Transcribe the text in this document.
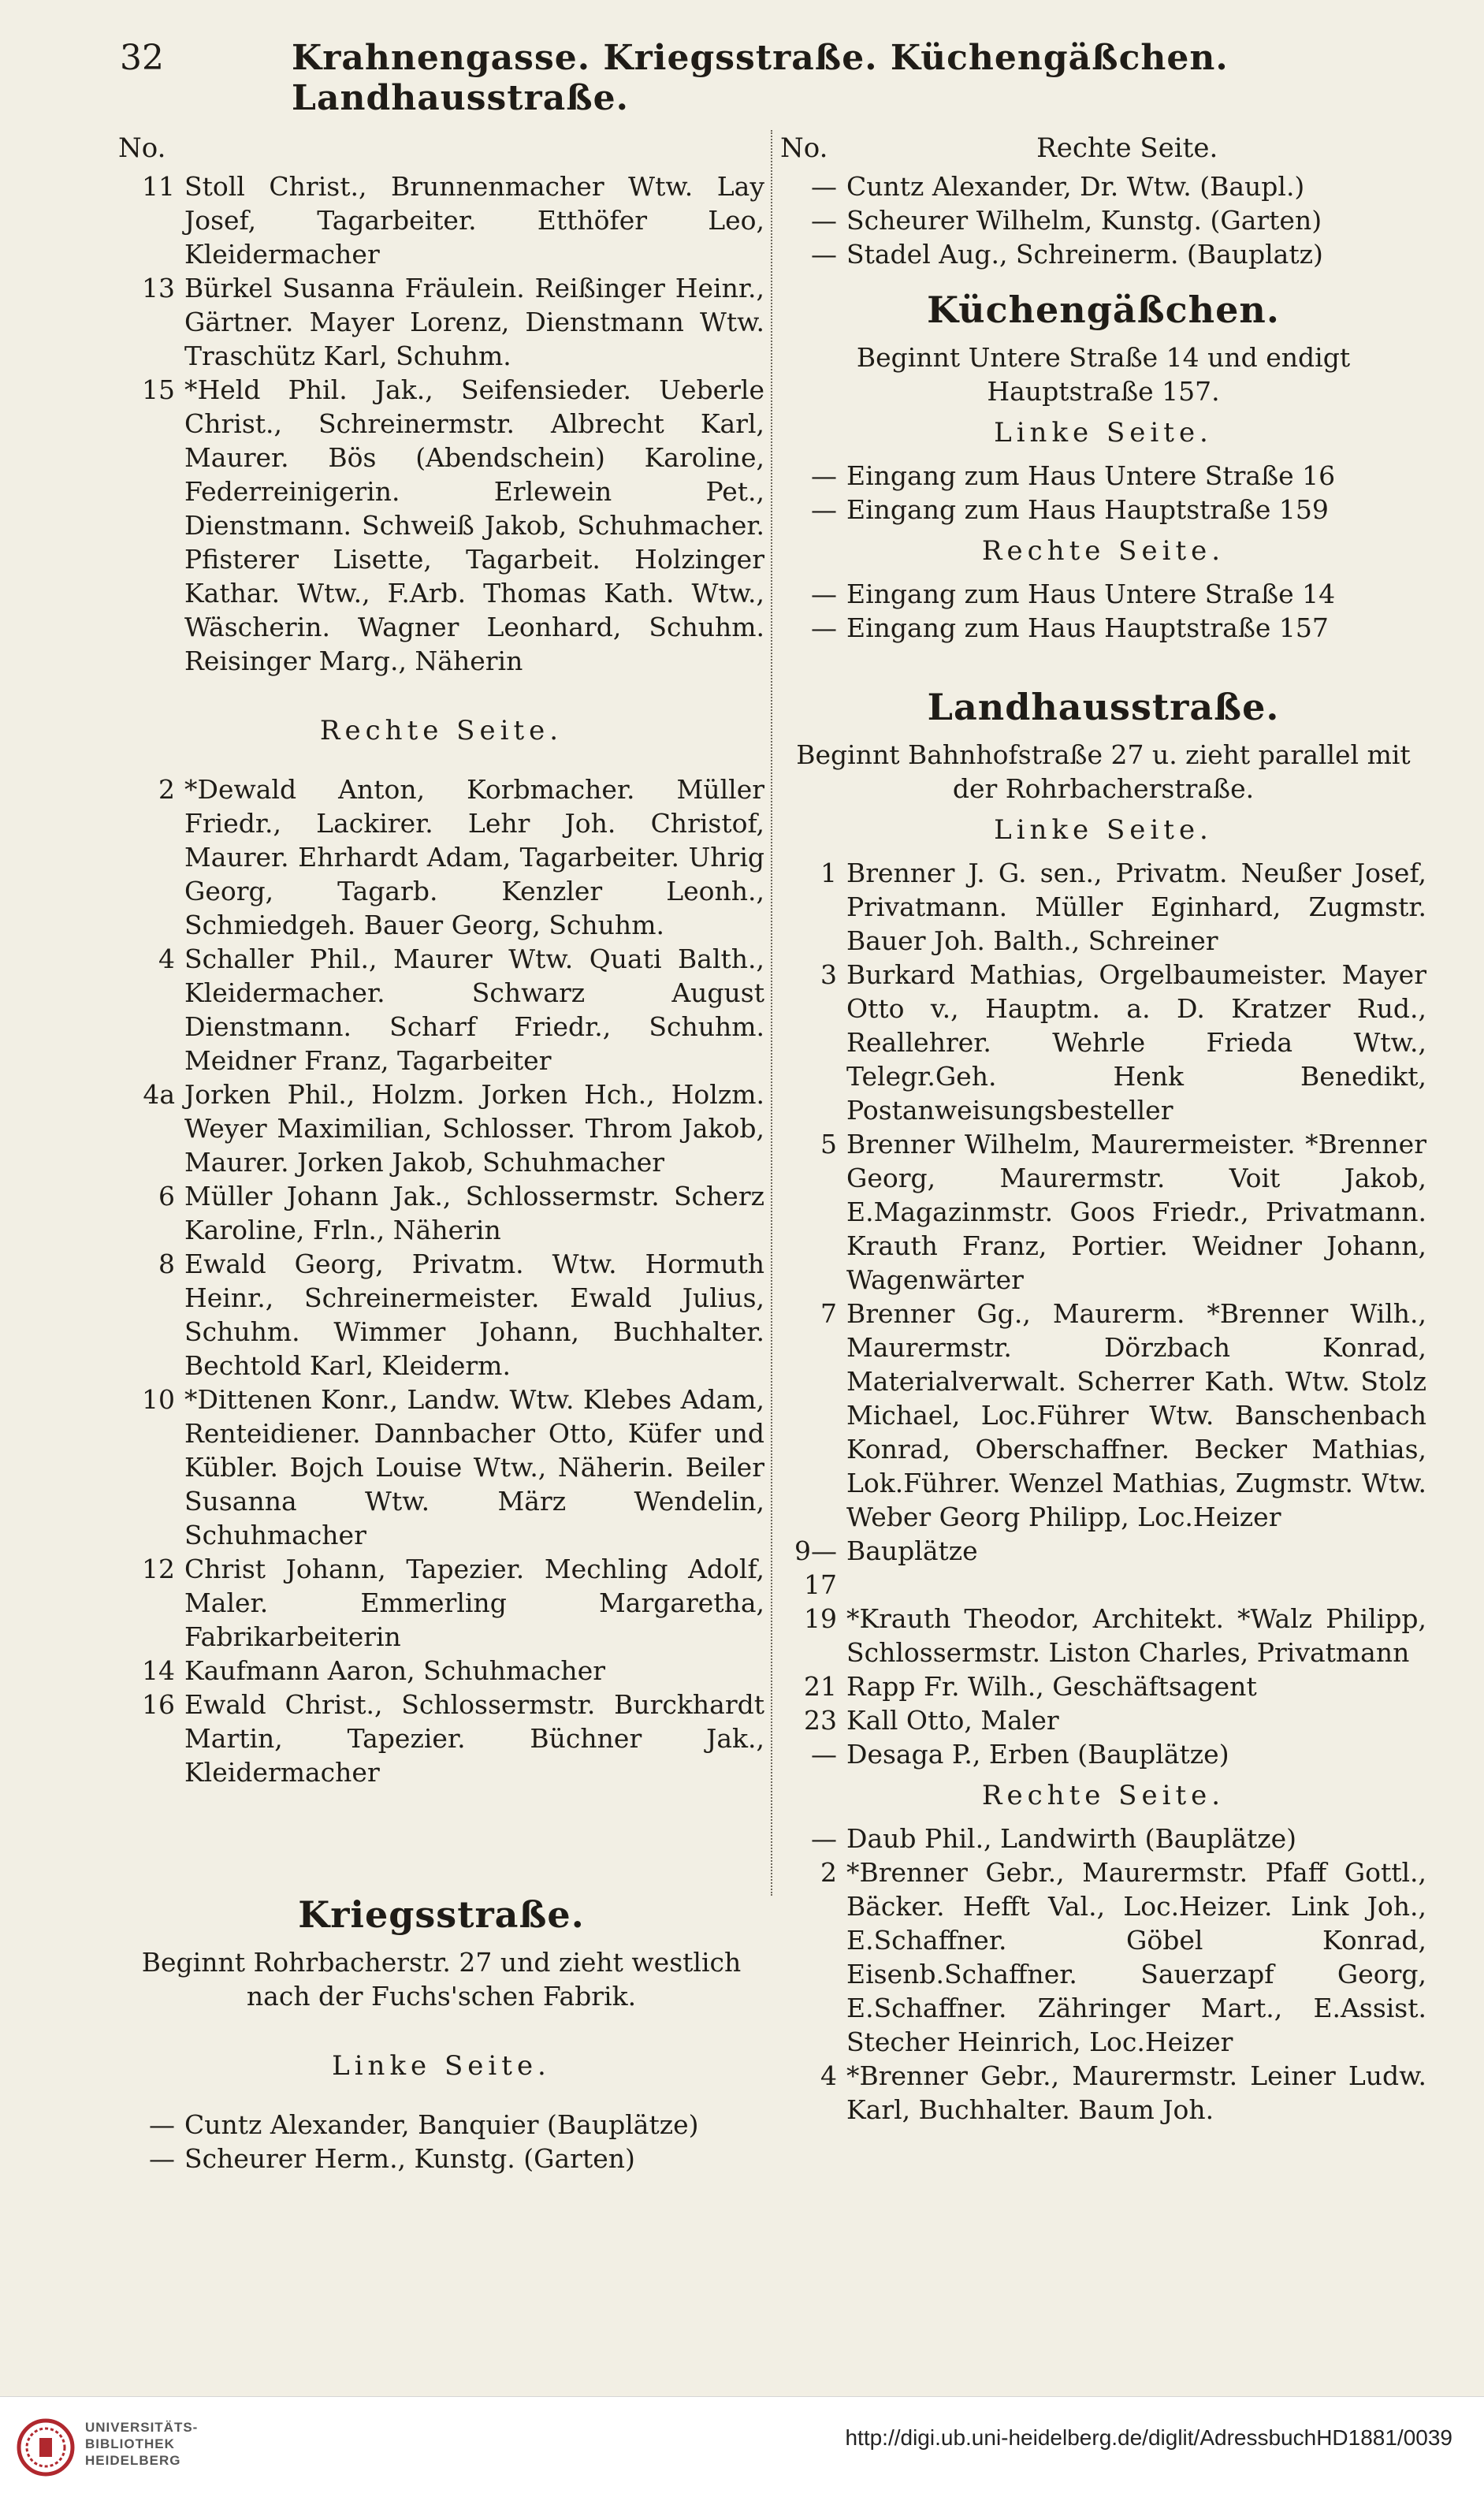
32	Krahnengasse. Kriegsstraße. Küchengäßchen. Landhausstraße.
No.
11 Stoll Christ., Brunnenmacher Wtw. Lay Josef, Tagarbeiter. Etthöfer Leo, Kleidermacher
13 Bürkel Susanna Fräulein. Reißinger Heinr., Gärtner. Mayer Lorenz, Dienstmann Wtw. Traschütz Karl, Schuhm.
15 *Held Phil. Jak., Seifensieder. Ueberle Christ., Schreinermstr. Albrecht Karl, Maurer. Bös (Abendschein) Karoline, Federreinigerin. Erlewein Pet., Dienstmann. Schweiß Jakob, Schuhmacher. Pfisterer Lisette, Tagarbeit. Holzinger Kathar. Wtw., F.Arb. Thomas Kath. Wtw., Wäscherin. Wagner Leonhard, Schuhm. Reisinger Marg., Näherin
Rechte Seite.
2 *Dewald Anton, Korbmacher. Müller Friedr., Lackirer. Lehr Joh. Christof, Maurer. Ehrhardt Adam, Tagarbeiter. Uhrig Georg, Tagarb. Kenzler Leonh., Schmiedgeh. Bauer Georg, Schuhm.
4 Schaller Phil., Maurer Wtw. Quati Balth., Kleidermacher. Schwarz August Dienstmann. Scharf Friedr., Schuhm. Meidner Franz, Tagarbeiter
4a Jorken Phil., Holzm. Jorken Hch., Holzm. Weyer Maximilian, Schlosser. Throm Jakob, Maurer. Jorken Jakob, Schuhmacher
6 Müller Johann Jak., Schlossermstr. Scherz Karoline, Frln., Näherin
8 Ewald Georg, Privatm. Wtw. Hormuth Heinr., Schreinermeister. Ewald Julius, Schuhm. Wimmer Johann, Buchhalter. Bechtold Karl, Kleiderm.
10 *Dittenen Konr., Landw. Wtw. Klebes Adam, Renteidiener. Dannbacher Otto, Küfer und Kübler. Bojch Louise Wtw., Näherin. Beiler Susanna Wtw. März Wendelin, Schuhmacher
12 Christ Johann, Tapezier. Mechling Adolf, Maler. Emmerling Margaretha, Fabrikarbeiterin
14 Kaufmann Aaron, Schuhmacher
16 Ewald Christ., Schlossermstr. Burckhardt Martin, Tapezier. Büchner Jak., Kleidermacher
Kriegsstraße.
Beginnt Rohrbacherstr. 27 und zieht westlich nach der Fuchs'schen Fabrik.
Linke Seite.
— Cuntz Alexander, Banquier (Bauplätze)
— Scheurer Herm., Kunstg. (Garten)
No.	Rechte Seite.
— Cuntz Alexander, Dr. Wtw. (Baupl.)
— Scheurer Wilhelm, Kunstg. (Garten)
— Stadel Aug., Schreinerm. (Bauplatz)
Küchengäßchen.
Beginnt Untere Straße 14 und endigt Hauptstraße 157.
Linke Seite.
— Eingang zum Haus Untere Straße 16
— Eingang zum Haus Hauptstraße 159
Rechte Seite.
— Eingang zum Haus Untere Straße 14
— Eingang zum Haus Hauptstraße 157
Landhausstraße.
Beginnt Bahnhofstraße 27 u. zieht parallel mit der Rohrbacherstraße.
Linke Seite.
1 Brenner J. G. sen., Privatm. Neußer Josef, Privatmann. Müller Eginhard, Zugmstr. Bauer Joh. Balth., Schreiner
3 Burkard Mathias, Orgelbaumeister. Mayer Otto v., Hauptm. a. D. Kratzer Rud., Reallehrer. Wehrle Frieda Wtw., Telegr.Geh. Henk Benedikt, Postanweisungsbesteller
5 Brenner Wilhelm, Maurermeister. *Brenner Georg, Maurermstr. Voit Jakob, E.Magazinmstr. Goos Friedr., Privatmann. Krauth Franz, Portier. Weidner Johann, Wagenwärter
7 Brenner Gg., Maurerm. *Brenner Wilh., Maurermstr. Dörzbach Konrad, Materialverwalt. Scherrer Kath. Wtw. Stolz Michael, Loc.Führer Wtw. Banschenbach Konrad, Oberschaffner. Becker Mathias, Lok.Führer. Wenzel Mathias, Zugmstr. Wtw. Weber Georg Philipp, Loc.Heizer
9—17
Bauplätze
19 *Krauth Theodor, Architekt. *Walz Philipp, Schlossermstr. Liston Charles, Privatmann
21 Rapp Fr. Wilh., Geschäftsagent
23 Kall Otto, Maler
— Desaga P., Erben (Bauplätze)
Rechte Seite.
— Daub Phil., Landwirth (Bauplätze)
2 *Brenner Gebr., Maurermstr. Pfaff Gottl., Bäcker. Hefft Val., Loc.Heizer. Link Joh., E.Schaffner. Göbel Konrad, Eisenb.Schaffner. Sauerzapf Georg, E.Schaffner. Zähringer Mart., E.Assist. Stecher Heinrich, Loc.Heizer
4 *Brenner Gebr., Maurermstr. Leiner Ludw. Karl, Buchhalter. Baum Joh.
UNIVERSITÄTS-
BIBLIOTHEK
HEIDELBERG
http://digi.ub.uni-heidelberg.de/diglit/AdressbuchHD1881/0039
